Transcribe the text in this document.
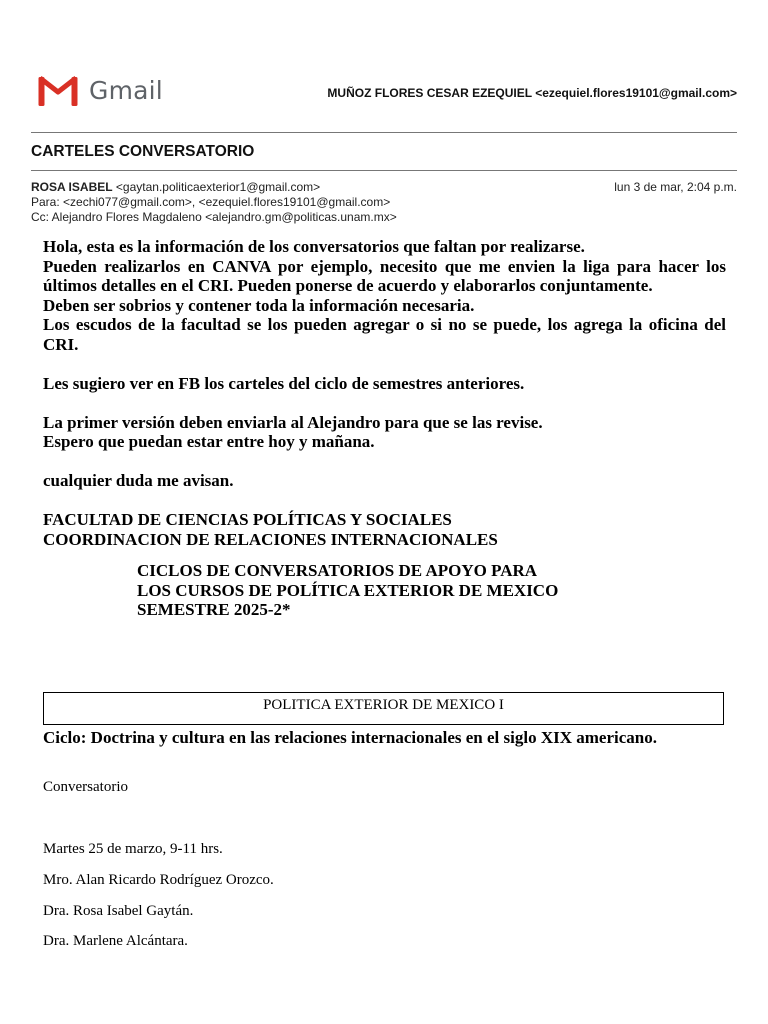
Gmail	MUÑOZ FLORES CESAR EZEQUIEL <ezequiel.flores19101@gmail.com>
CARTELES CONVERSATORIO
ROSA ISABEL <gaytan.politicaexterior1@gmail.com>	lun 3 de mar, 2:04 p.m.
Para: <zechi077@gmail.com>, <ezequiel.flores19101@gmail.com>
Cc: Alejandro Flores Magdaleno <alejandro.gm@politicas.unam.mx>

Hola, esta es la información de los conversatorios que faltan por realizarse.

Pueden realizarlos en CANVA por ejemplo, necesito que me envien la liga para hacer los últimos detalles en el CRI. Pueden ponerse de acuerdo y elaborarlos conjuntamente.

Deben ser sobrios y contener toda la información necesaria.

Los escudos de la facultad se los pueden agregar o si no se puede, los agrega la oficina del CRI.

Les sugiero ver en FB los carteles del ciclo de semestres anteriores.

La primer versión deben enviarla al Alejandro para que se las revise.

Espero que puedan estar entre hoy y mañana.

cualquier duda me avisan.

FACULTAD DE CIENCIAS POLÍTICAS Y SOCIALES

COORDINACION DE RELACIONES INTERNACIONALES

CICLOS DE CONVERSATORIOS DE APOYO PARA

LOS CURSOS DE POLÍTICA EXTERIOR DE MEXICO

SEMESTRE 2025-2*

POLITICA EXTERIOR DE MEXICO I
Ciclo: Doctrina y cultura en las relaciones internacionales en el siglo XIX americano.
Conversatorio
Martes 25 de marzo, 9-11 hrs.
Mro. Alan Ricardo Rodríguez Orozco.
Dra. Rosa Isabel Gaytán.
Dra. Marlene Alcántara.
